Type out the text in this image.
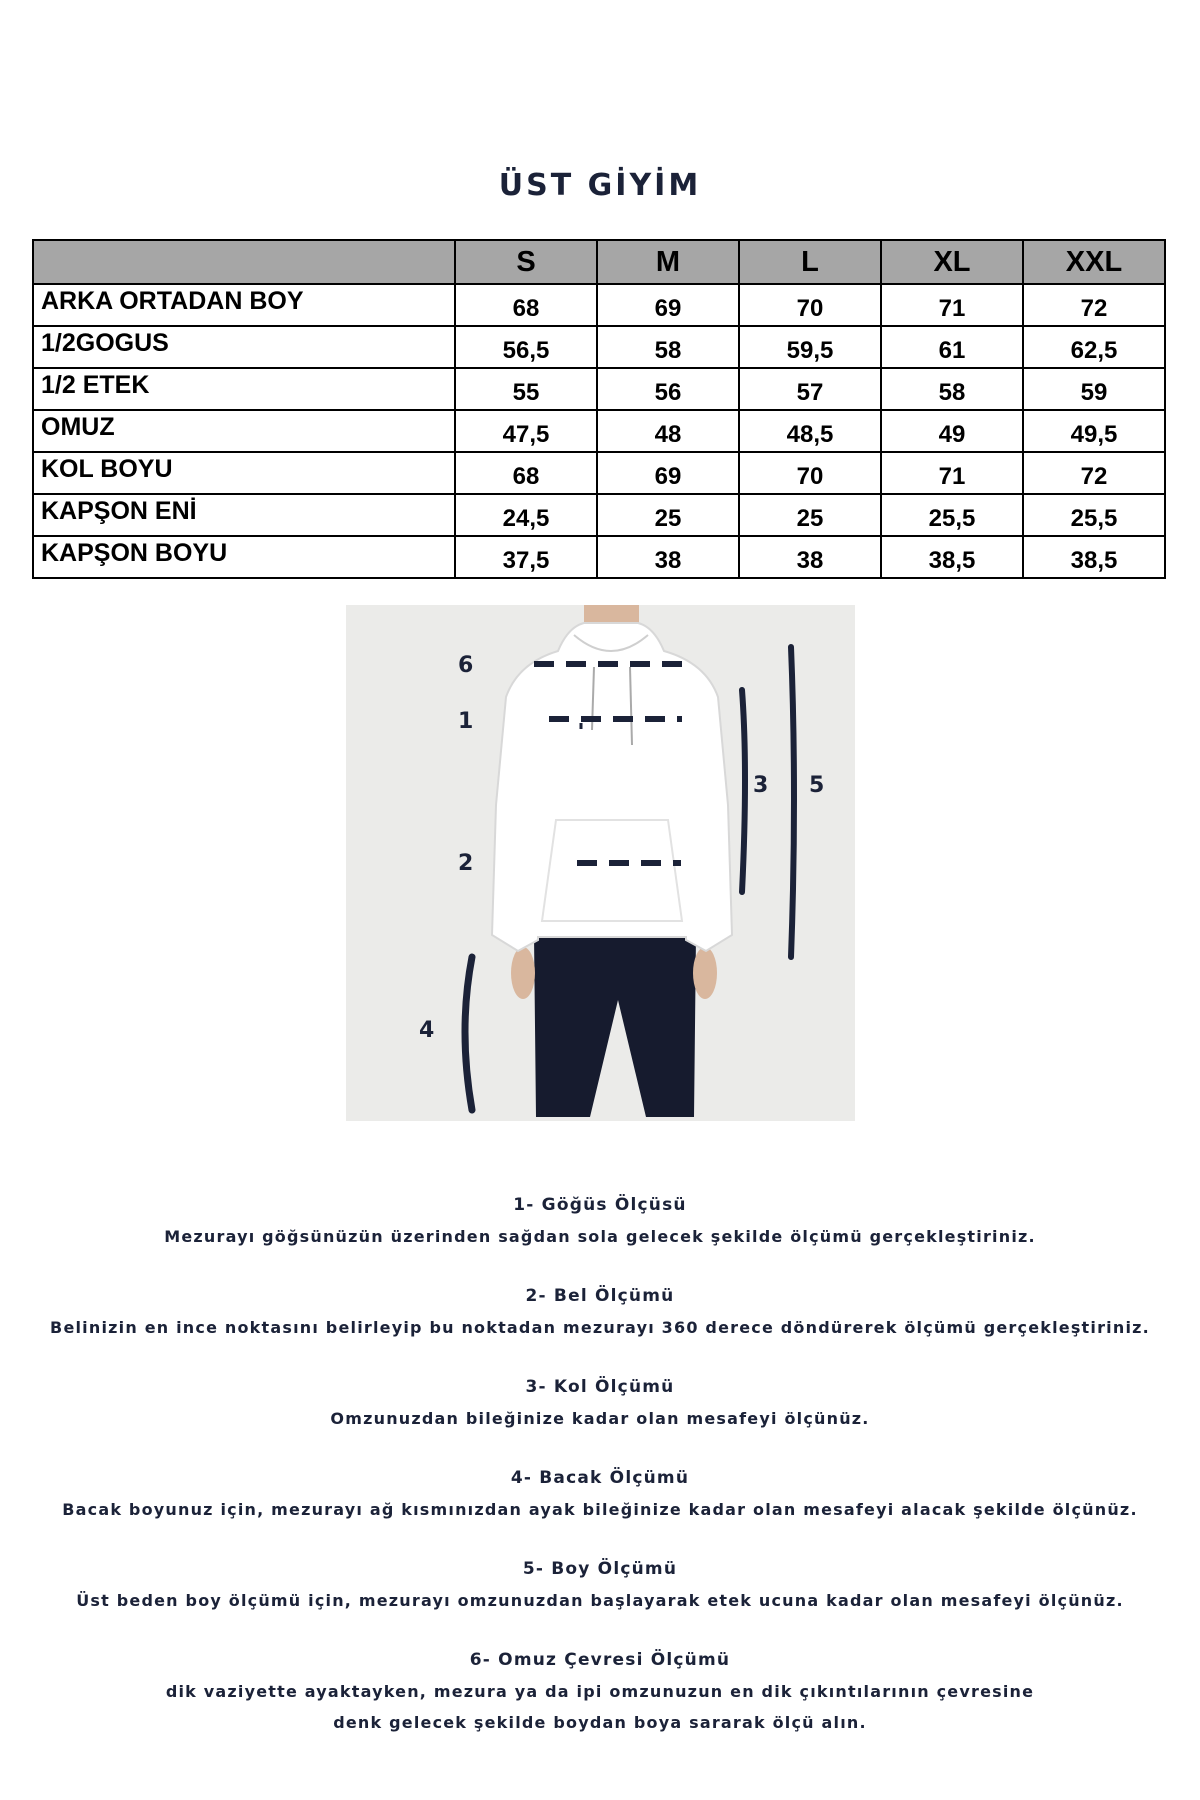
ÜST GİYİM
	S	M	L	XL	XXL
ARKA ORTADAN BOY	68	69	70	71	72
1/2GOGUS	56,5	58	59,5	61	62,5
1/2 ETEK	55	56	57	58	59
OMUZ	47,5	48	48,5	49	49,5
KOL BOYU	68	69	70	71	72
KAPŞON ENİ	24,5	25	25	25,5	25,5
KAPŞON BOYU	37,5	38	38	38,5	38,5
6
1
3 5
2
4
1- Göğüs Ölçüsü
Mezurayı göğsünüzün üzerinden sağdan sola gelecek şekilde ölçümü gerçekleştiriniz.
2- Bel Ölçümü
Belinizin en ince noktasını belirleyip bu noktadan mezurayı 360 derece döndürerek ölçümü gerçekleştiriniz.
3- Kol Ölçümü
Omzunuzdan bileğinize kadar olan mesafeyi ölçünüz.
4- Bacak Ölçümü
Bacak boyunuz için, mezurayı ağ kısmınızdan ayak bileğinize kadar olan mesafeyi alacak şekilde ölçünüz.
5- Boy Ölçümü
Üst beden boy ölçümü için, mezurayı omzunuzdan başlayarak etek ucuna kadar olan mesafeyi ölçünüz.
6- Omuz Çevresi Ölçümü
dik vaziyette ayaktayken, mezura ya da ipi omzunuzun en dik çıkıntılarının çevresine
denk gelecek şekilde boydan boya sararak ölçü alın.
